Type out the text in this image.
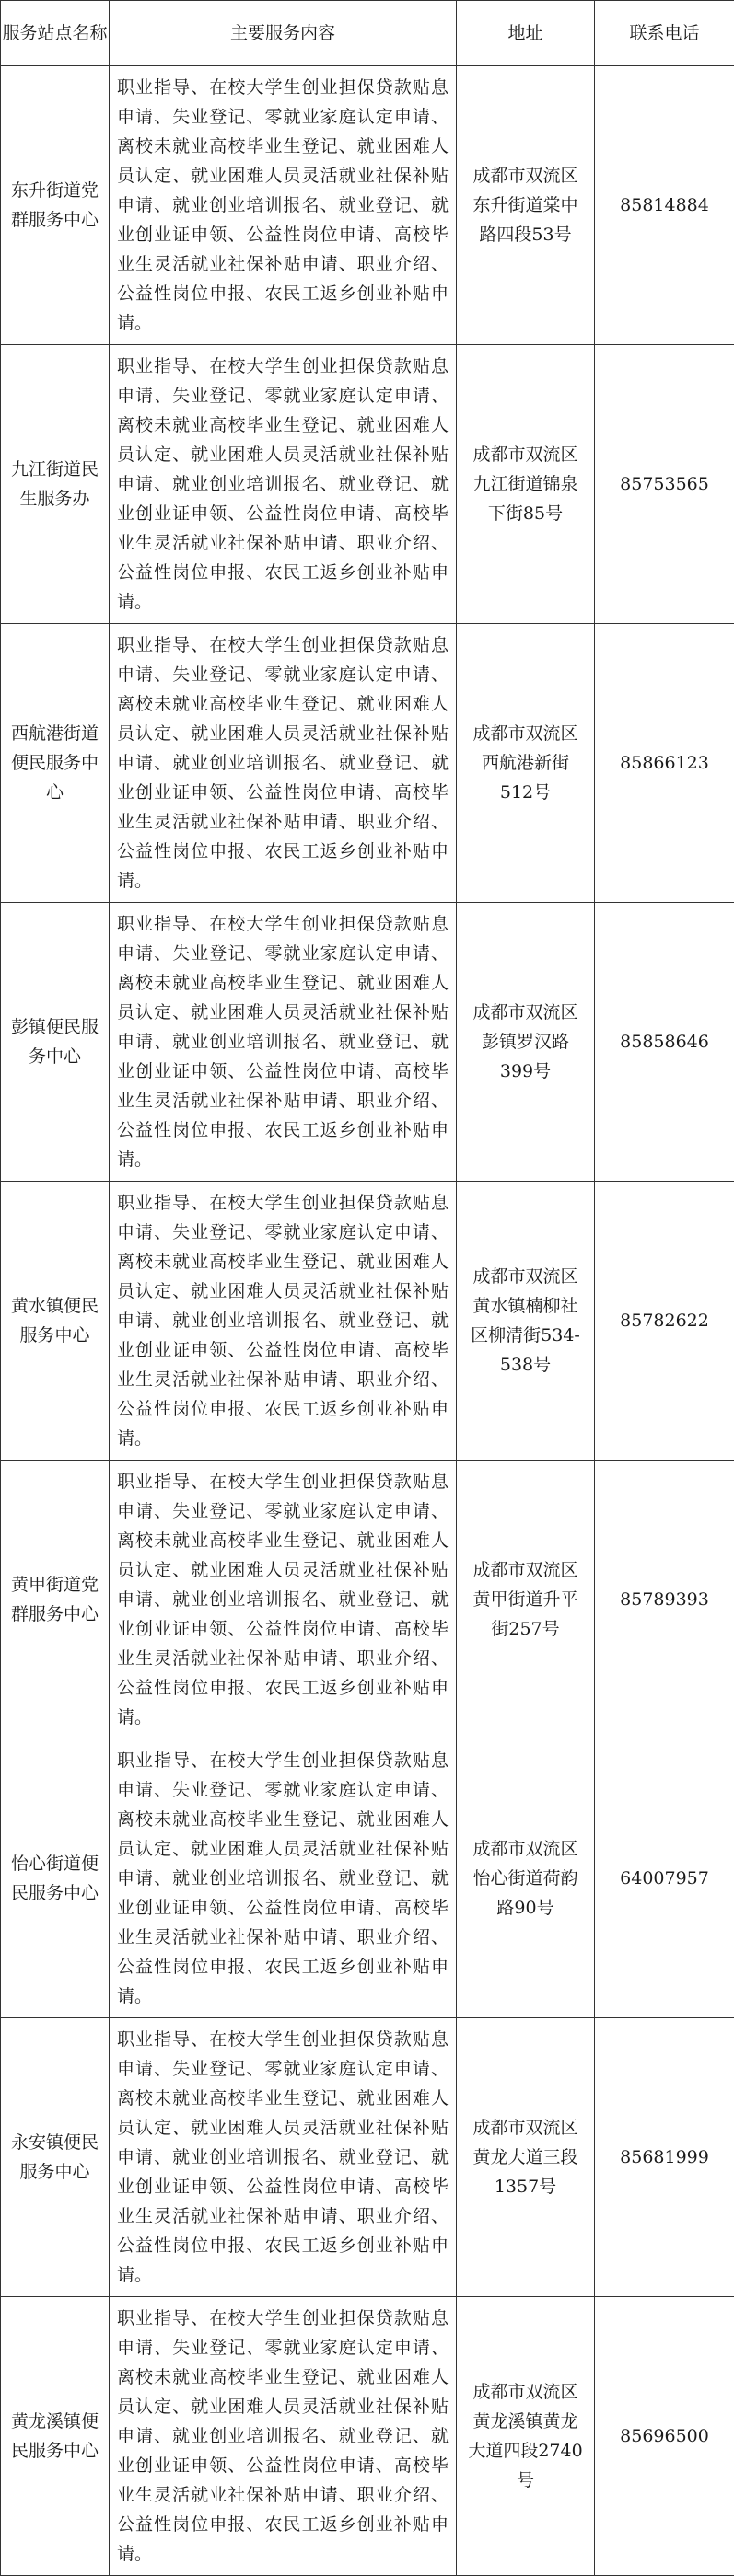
服务站点名称	主要服务内容	地址	联系电话
东升街道党群服务中心	职业指导、在校大学生创业担保贷款贴息申请、失业登记、零就业家庭认定申请、离校未就业高校毕业生登记、就业困难人员认定、就业困难人员灵活就业社保补贴申请、就业创业培训报名、就业登记、就业创业证申领、公益性岗位申请、高校毕业生灵活就业社保补贴申请、职业介绍、公益性岗位申报、农民工返乡创业补贴申请。	成都市双流区东升街道棠中路四段53号	85814884
九江街道民生服务办	职业指导、在校大学生创业担保贷款贴息申请、失业登记、零就业家庭认定申请、离校未就业高校毕业生登记、就业困难人员认定、就业困难人员灵活就业社保补贴申请、就业创业培训报名、就业登记、就业创业证申领、公益性岗位申请、高校毕业生灵活就业社保补贴申请、职业介绍、公益性岗位申报、农民工返乡创业补贴申请。	成都市双流区九江街道锦泉下街85号	85753565
西航港街道便民服务中心	职业指导、在校大学生创业担保贷款贴息申请、失业登记、零就业家庭认定申请、离校未就业高校毕业生登记、就业困难人员认定、就业困难人员灵活就业社保补贴申请、就业创业培训报名、就业登记、就业创业证申领、公益性岗位申请、高校毕业生灵活就业社保补贴申请、职业介绍、公益性岗位申报、农民工返乡创业补贴申请。	成都市双流区西航港新街512号	85866123
彭镇便民服务中心	职业指导、在校大学生创业担保贷款贴息申请、失业登记、零就业家庭认定申请、离校未就业高校毕业生登记、就业困难人员认定、就业困难人员灵活就业社保补贴申请、就业创业培训报名、就业登记、就业创业证申领、公益性岗位申请、高校毕业生灵活就业社保补贴申请、职业介绍、公益性岗位申报、农民工返乡创业补贴申请。	成都市双流区彭镇罗汉路399号	85858646
黄水镇便民服务中心	职业指导、在校大学生创业担保贷款贴息申请、失业登记、零就业家庭认定申请、离校未就业高校毕业生登记、就业困难人员认定、就业困难人员灵活就业社保补贴申请、就业创业培训报名、就业登记、就业创业证申领、公益性岗位申请、高校毕业生灵活就业社保补贴申请、职业介绍、公益性岗位申报、农民工返乡创业补贴申请。	成都市双流区黄水镇楠柳社区柳清街534-538号	85782622
黄甲街道党群服务中心	职业指导、在校大学生创业担保贷款贴息申请、失业登记、零就业家庭认定申请、离校未就业高校毕业生登记、就业困难人员认定、就业困难人员灵活就业社保补贴申请、就业创业培训报名、就业登记、就业创业证申领、公益性岗位申请、高校毕业生灵活就业社保补贴申请、职业介绍、公益性岗位申报、农民工返乡创业补贴申请。	成都市双流区黄甲街道升平街257号	85789393
怡心街道便民服务中心	职业指导、在校大学生创业担保贷款贴息申请、失业登记、零就业家庭认定申请、离校未就业高校毕业生登记、就业困难人员认定、就业困难人员灵活就业社保补贴申请、就业创业培训报名、就业登记、就业创业证申领、公益性岗位申请、高校毕业生灵活就业社保补贴申请、职业介绍、公益性岗位申报、农民工返乡创业补贴申请。	成都市双流区怡心街道荷韵路90号	64007957
永安镇便民服务中心	职业指导、在校大学生创业担保贷款贴息申请、失业登记、零就业家庭认定申请、离校未就业高校毕业生登记、就业困难人员认定、就业困难人员灵活就业社保补贴申请、就业创业培训报名、就业登记、就业创业证申领、公益性岗位申请、高校毕业生灵活就业社保补贴申请、职业介绍、公益性岗位申报、农民工返乡创业补贴申请。	成都市双流区黄龙大道三段1357号	85681999
黄龙溪镇便民服务中心	职业指导、在校大学生创业担保贷款贴息申请、失业登记、零就业家庭认定申请、离校未就业高校毕业生登记、就业困难人员认定、就业困难人员灵活就业社保补贴申请、就业创业培训报名、就业登记、就业创业证申领、公益性岗位申请、高校毕业生灵活就业社保补贴申请、职业介绍、公益性岗位申报、农民工返乡创业补贴申请。	成都市双流区黄龙溪镇黄龙大道四段2740号	85696500
